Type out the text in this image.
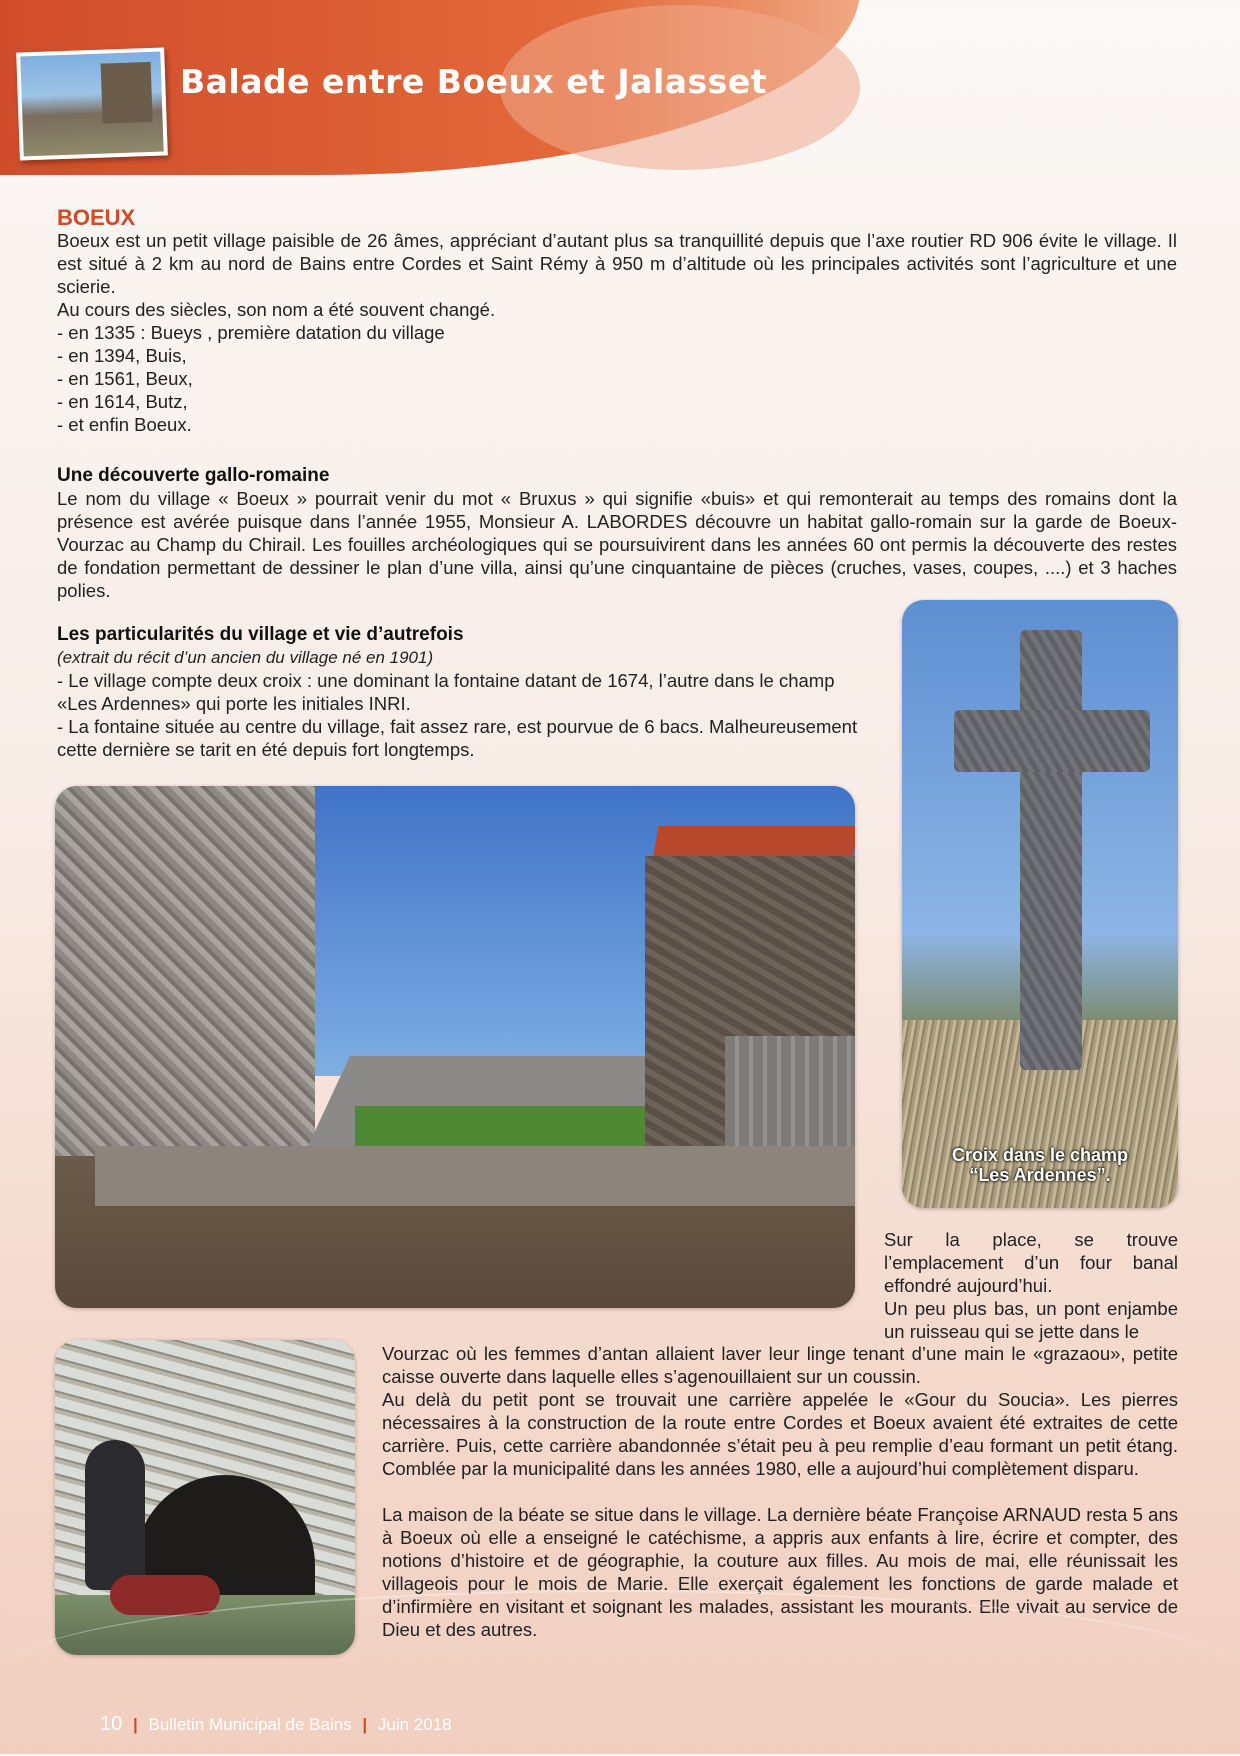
Balade entre Boeux et Jalasset

BOEUX

Boeux est un petit village paisible de 26 âmes, appréciant d’autant plus sa tranquillité depuis que l’axe routier RD 906 évite le village. Il est situé à 2 km au nord de Bains entre Cordes et Saint Rémy à 950 m d’altitude où les principales activités sont l’agriculture et une scierie.

Au cours des siècles, son nom a été souvent changé.

- en 1335 : Bueys , première datation du village

- en 1394, Buis,

- en 1561, Beux,

- en 1614, Butz,

- et enfin Boeux.

Une découverte gallo-romaine

Le nom du village « Boeux » pourrait venir du mot « Bruxus » qui signifie «buis» et qui remonterait au temps des romains dont la présence est avérée puisque dans l’année 1955, Monsieur A. LABORDES découvre un habitat gallo-romain sur la garde de Boeux-Vourzac au Champ du Chirail. Les fouilles archéologiques qui se poursuivirent dans les années 60 ont permis la découverte des restes de fondation permettant de dessiner le plan d’une villa, ainsi qu’une cinquantaine de pièces (cruches, vases, coupes, ....) et 3 haches polies.

Les particularités du village et vie d’autrefois

(extrait du récit d’un ancien du village né en 1901)

- Le village compte deux croix : une dominant la fontaine datant de 1674, l’autre dans le champ «Les Ardennes» qui porte les initiales INRI.

- La fontaine située au centre du village, fait assez rare, est pourvue de 6 bacs. Malheureusement cette dernière se tarit en été depuis fort longtemps.

Croix dans le champ
“Les Ardennes”.

Sur la place, se trouve l’emplacement d’un four banal effondré aujourd’hui.

Un peu plus bas, un pont enjambe un ruisseau qui se jette dans le

Vourzac où les femmes d’antan allaient laver leur linge tenant d’une main le «grazaou», petite caisse ouverte dans laquelle elles s’agenouillaient sur un coussin.

Au delà du petit pont se trouvait une carrière appelée le «Gour du Soucia». Les pierres nécessaires à la construction de la route entre Cordes et Boeux avaient été extraites de cette carrière. Puis, cette carrière abandonnée s’était peu à peu remplie d’eau formant un petit étang. Comblée par la municipalité dans les années 1980, elle a aujourd’hui complètement disparu.

La maison de la béate se situe dans le village. La dernière béate Françoise ARNAUD resta 5 ans à Boeux où elle a enseigné le catéchisme, a appris aux enfants à lire, écrire et compter, des notions d’histoire et de géographie, la couture aux filles. Au mois de mai, elle réunissait les villageois pour le mois de Marie. Elle exerçait également les fonctions de garde malade et d’infirmière en visitant et soignant les malades, assistant les mourants. Elle vivait au service de Dieu et des autres.

10 | Bulletin Municipal de Bains | Juin 2018
